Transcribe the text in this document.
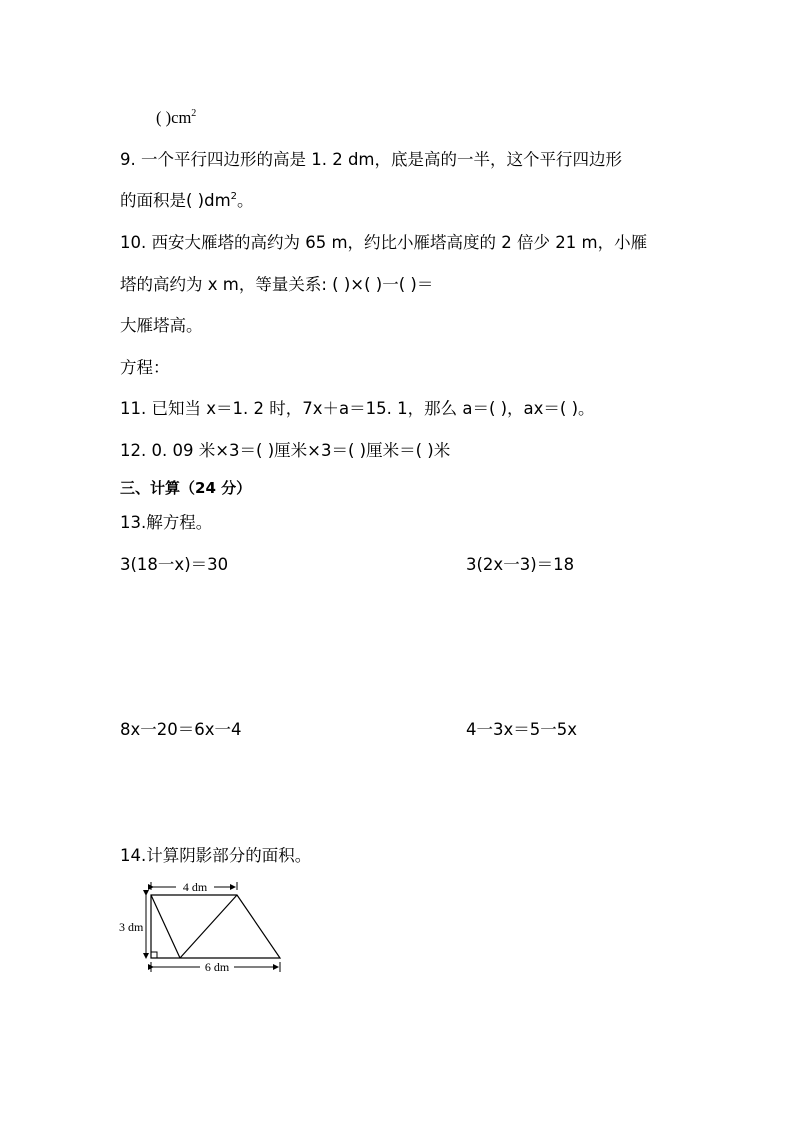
( )$cm^2$
9. 一个平行四边形的高是 1. 2 dm，底是高的一半，这个平行四边形
的面积是( )$dm^2$。
10. 西安大雁塔的高约为 65 m，约比小雁塔高度的 2 倍少 21 m，小雁
塔的高约为 x m，等量关系: ( )×( )一( )＝
大雁塔高。
方程：
11. 已知当 x＝1. 2 时，7x＋a＝15. 1，那么 a＝( )，ax＝( )。
12. 0. 09 米×3＝( )厘米×3＝( )厘米＝( )米
三、计算（24 分）
13.解方程。
3(18一x)＝30	3(2x一3)＝18
8x一20＝6x一4	4一3x＝5一5x
14.计算阴影部分的面积。
4 dm
3 dm
6 dm
